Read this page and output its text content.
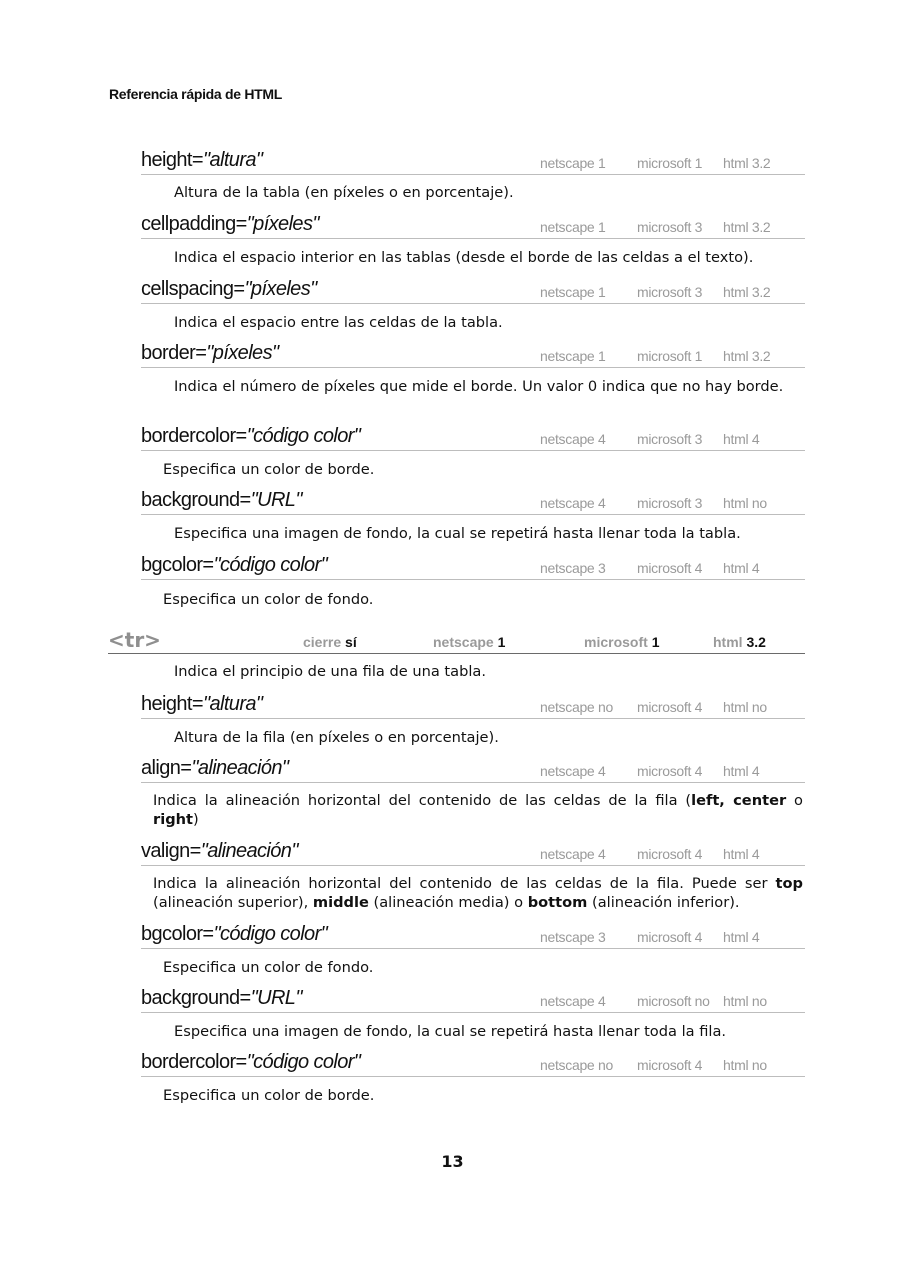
Referencia rápida de HTML
height="altura"	netscape 1 microsoft 1 html 3.2
Altura de la tabla (en píxeles o en porcentaje).
cellpadding="píxeles"	netscape 1 microsoft 3 html 3.2
Indica el espacio interior en las tablas (desde el borde de las celdas a el texto).
cellspacing="píxeles"	netscape 1 microsoft 3 html 3.2
Indica el espacio entre las celdas de la tabla.
border="píxeles"	netscape 1 microsoft 1 html 3.2
Indica el número de píxeles que mide el borde. Un valor 0 indica que no hay borde.
bordercolor="código color"	netscape 4 microsoft 3 html 4
Especifica un color de borde.
background="URL"	netscape 4 microsoft 3 html no
Especifica una imagen de fondo, la cual se repetirá hasta llenar toda la tabla.
bgcolor="código color"	netscape 3 microsoft 4 html 4
Especifica un color de fondo.
<tr>	cierre sí	netscape 1	microsoft 1	html 3.2
Indica el principio de una fila de una tabla.
height="altura"	netscape no microsoft 4 html no
Altura de la fila (en píxeles o en porcentaje).
align="alineación"	netscape 4 microsoft 4 html 4
Indica la alineación horizontal del contenido de las celdas de la fila (left, center o right)
valign="alineación"	netscape 4 microsoft 4 html 4
Indica la alineación horizontal del contenido de las celdas de la fila. Puede ser top (alineación superior), middle (alineación media) o bottom (alineación inferior).
bgcolor="código color"	netscape 3 microsoft 4 html 4
Especifica un color de fondo.
background="URL"	netscape 4 microsoft no html no
Especifica una imagen de fondo, la cual se repetirá hasta llenar toda la fila.
bordercolor="código color"	netscape no microsoft 4 html no
Especifica un color de borde.
13
